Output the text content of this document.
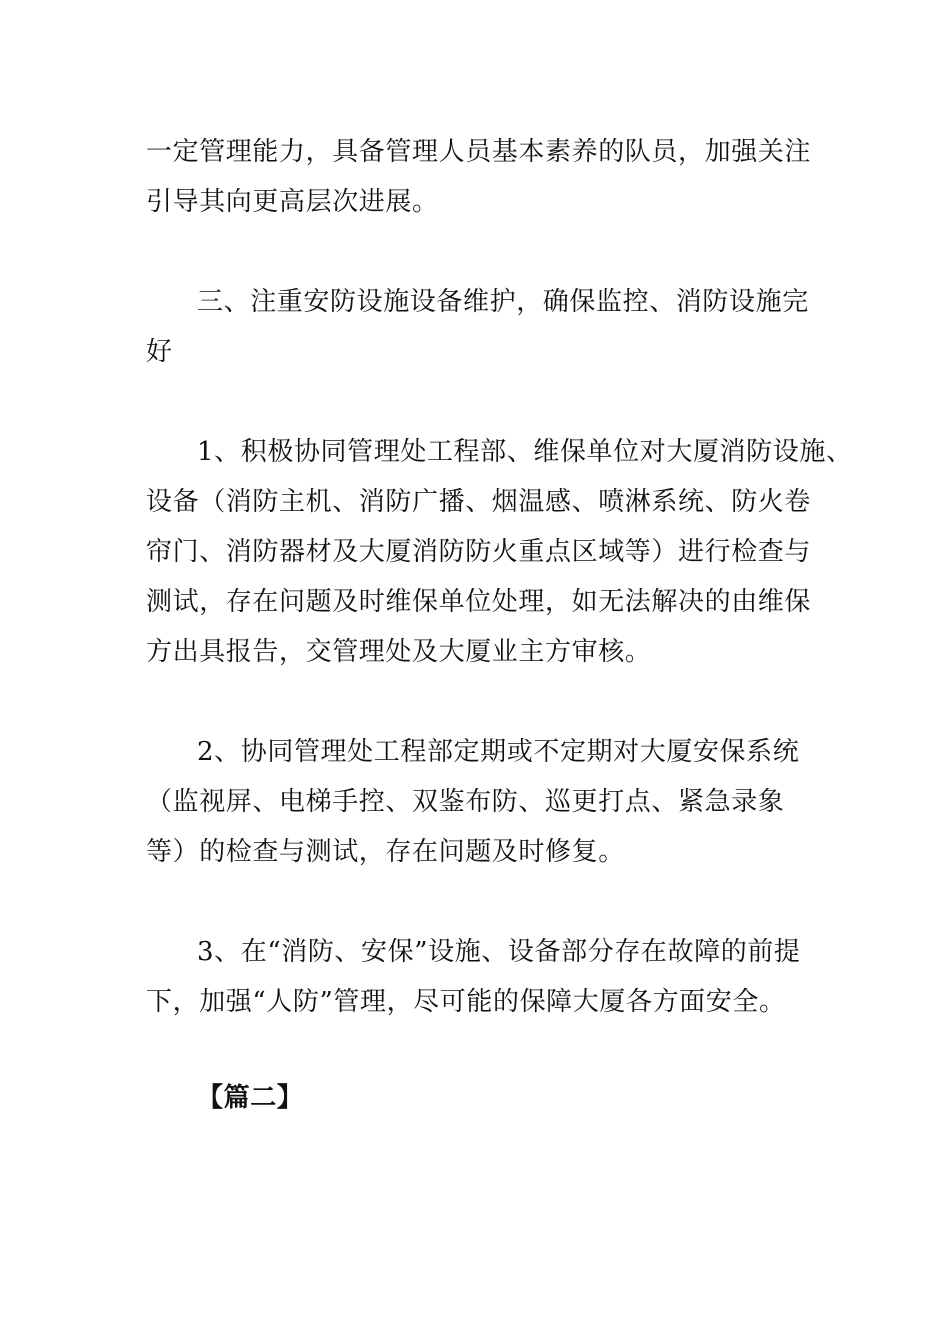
一定管理能力，具备管理人员基本素养的队员，加强关注
引导其向更高层次进展。
三、注重安防设施设备维护，确保监控、消防设施完
好
1、积极协同管理处工程部、维保单位对大厦消防设施、
设备（消防主机、消防广播、烟温感、喷淋系统、防火卷
帘门、消防器材及大厦消防防火重点区域等）进行检查与
测试，存在问题及时维保单位处理，如无法解决的由维保
方出具报告，交管理处及大厦业主方审核。
2、协同管理处工程部定期或不定期对大厦安保系统
（监视屏、电梯手控、双鉴布防、巡更打点、紧急录象
等）的检查与测试，存在问题及时修复。
3、在“消防、安保”设施、设备部分存在故障的前提
下，加强“人防”管理，尽可能的保障大厦各方面安全。
【篇二】
